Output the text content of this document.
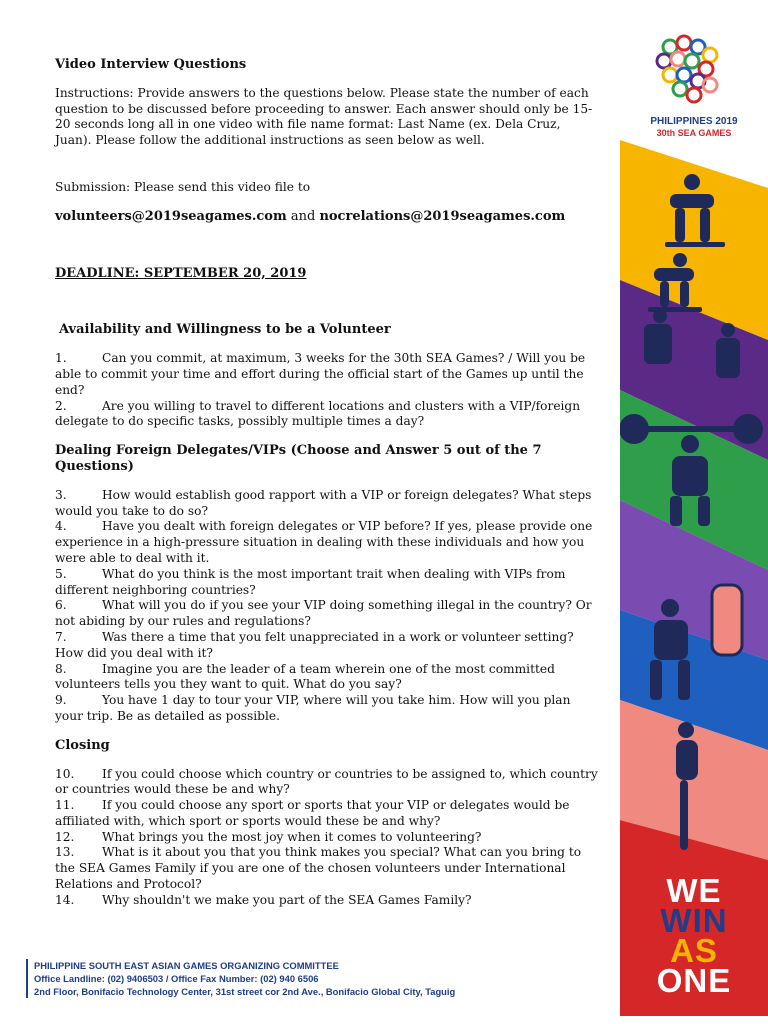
Video Interview Questions

Instructions: Provide answers to the questions below. Please state the number of each question to be discussed before proceeding to answer. Each answer should only be 15-20 seconds long all in one video with file name format: Last Name (ex. Dela Cruz, Juan). Please follow the additional instructions as seen below as well.

Submission: Please send this video file to

volunteers@2019seagames.com and nocrelations@2019seagames.com

DEADLINE: SEPTEMBER 20, 2019

Availability and Willingness to be a Volunteer

1.	Can you commit, at maximum, 3 weeks for the 30th SEA Games? / Will you be able to commit your time and effort during the official start of the Games up until the end?

2.	Are you willing to travel to different locations and clusters with a VIP/foreign delegate to do specific tasks, possibly multiple times a day?

Dealing Foreign Delegates/VIPs (Choose and Answer 5 out of the 7 Questions)

3.	How would establish good rapport with a VIP or foreign delegates? What steps would you take to do so?

4.	Have you dealt with foreign delegates or VIP before? If yes, please provide one experience in a high-pressure situation in dealing with these individuals and how you were able to deal with it.

5.	What do you think is the most important trait when dealing with VIPs from different neighboring countries?

6.	What will you do if you see your VIP doing something illegal in the country? Or not abiding by our rules and regulations?

7.	Was there a time that you felt unappreciated in a work or volunteer setting? How did you deal with it?

8.	Imagine you are the leader of a team wherein one of the most committed volunteers tells you they want to quit. What do you say?

9.	You have 1 day to tour your VIP, where will you take him. How will you plan your trip. Be as detailed as possible.

Closing

10. If you could choose which country or countries to be assigned to, which country or countries would these be and why?

11. If you could choose any sport or sports that your VIP or delegates would be affiliated with, which sport or sports would these be and why?

12. What brings you the most joy when it comes to volunteering?

13. What is it about you that you think makes you special? What can you bring to the SEA Games Family if you are one of the chosen volunteers under International Relations and Protocol?

14. Why shouldn't we make you part of the SEA Games Family?

PHILIPPINE SOUTH EAST ASIAN GAMES ORGANIZING COMMITTEE
Office Landline: (02) 9406503 / Office Fax Number: (02) 940 6506
2nd Floor, Bonifacio Technology Center, 31st street cor 2nd Ave., Bonifacio Global City, Taguig
PHILIPPINES 2019
30th SEA GAMES
WE
WIN
AS
ONE
